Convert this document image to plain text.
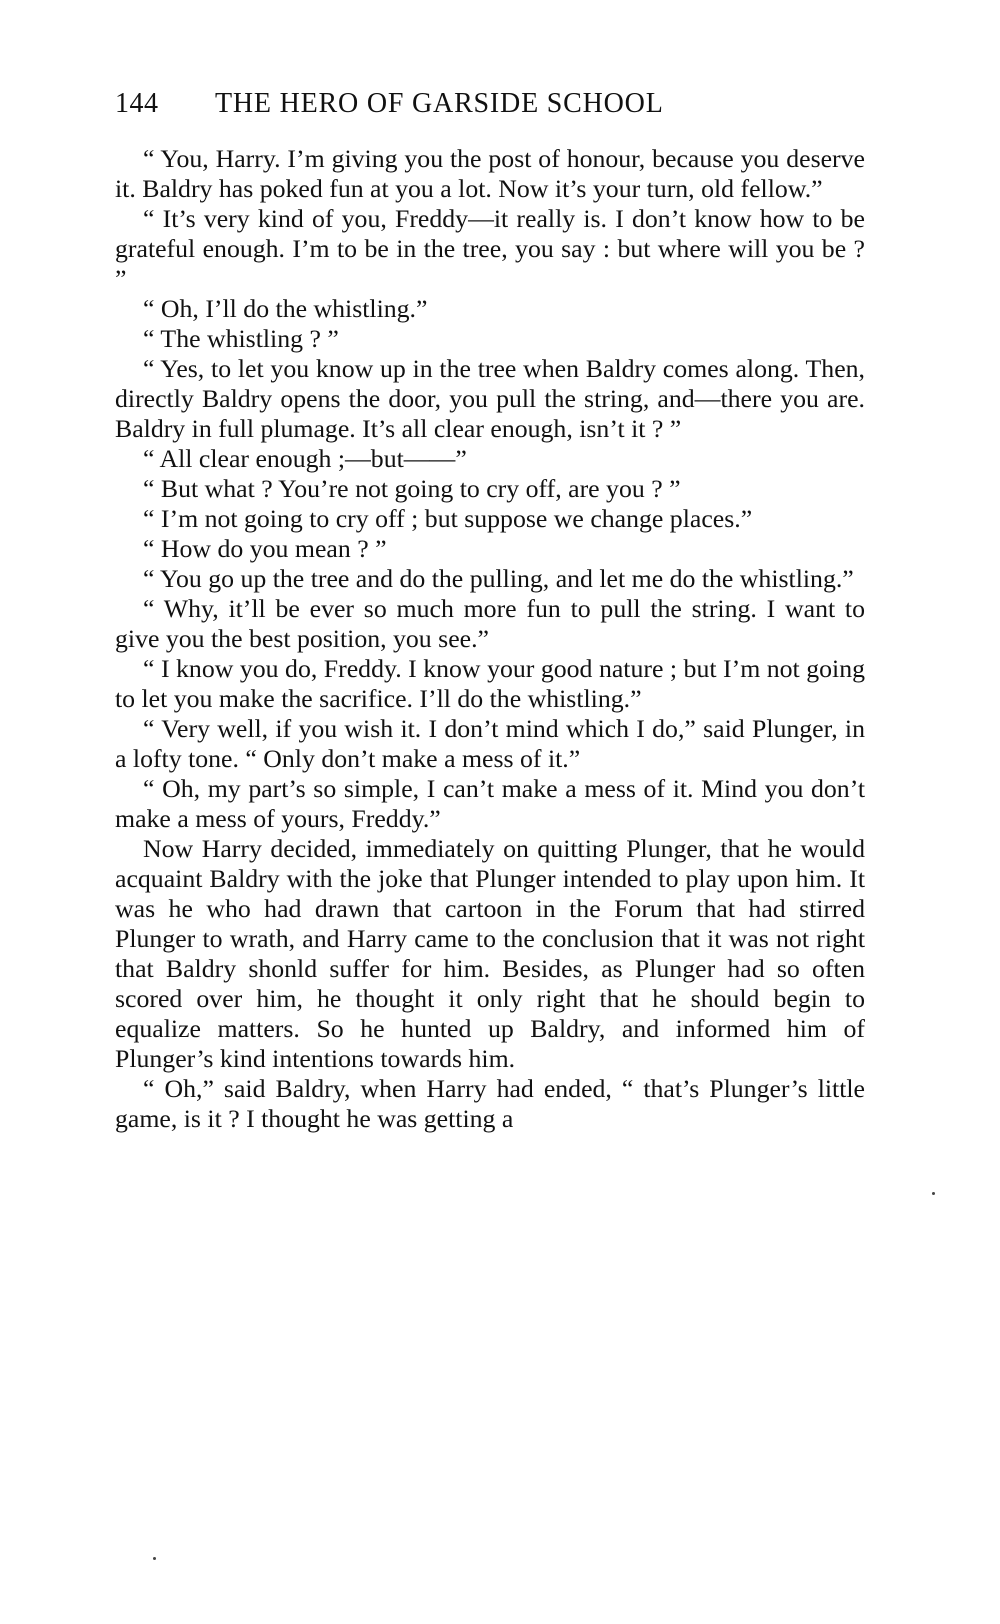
144	THE HERO OF GARSIDE SCHOOL

“ You, Harry. I’m giving you the post of honour, because you deserve it. Baldry has poked fun at you a lot. Now it’s your turn, old fellow.”

“ It’s very kind of you, Freddy—it really is. I don’t know how to be grateful enough. I’m to be in the tree, you say : but where will you be ? ”

“ Oh, I’ll do the whistling.”

“ The whistling ? ”

“ Yes, to let you know up in the tree when Baldry comes along. Then, directly Baldry opens the door, you pull the string, and—there you are. Baldry in full plumage. It’s all clear enough, isn’t it ? ”

“ All clear enough ;—but——”

“ But what ? You’re not going to cry off, are you ? ”

“ I’m not going to cry off ; but suppose we change places.”

“ How do you mean ? ”

“ You go up the tree and do the pulling, and let me do the whistling.”

“ Why, it’ll be ever so much more fun to pull the string. I want to give you the best position, you see.”

“ I know you do, Freddy. I know your good nature ; but I’m not going to let you make the sacrifice. I’ll do the whistling.”

“ Very well, if you wish it. I don’t mind which I do,” said Plunger, in a lofty tone. “ Only don’t make a mess of it.”

“ Oh, my part’s so simple, I can’t make a mess of it. Mind you don’t make a mess of yours, Freddy.”

Now Harry decided, immediately on quitting Plunger, that he would acquaint Baldry with the joke that Plunger intended to play upon him. It was he who had drawn that cartoon in the Forum that had stirred Plunger to wrath, and Harry came to the conclusion that it was not right that Baldry shonld suffer for him. Besides, as Plunger had so often scored over him, he thought it only right that he should begin to equalize matters. So he hunted up Baldry, and informed him of Plunger’s kind intentions towards him.

“ Oh,” said Baldry, when Harry had ended, “ that’s Plunger’s little game, is it ? I thought he was getting a
